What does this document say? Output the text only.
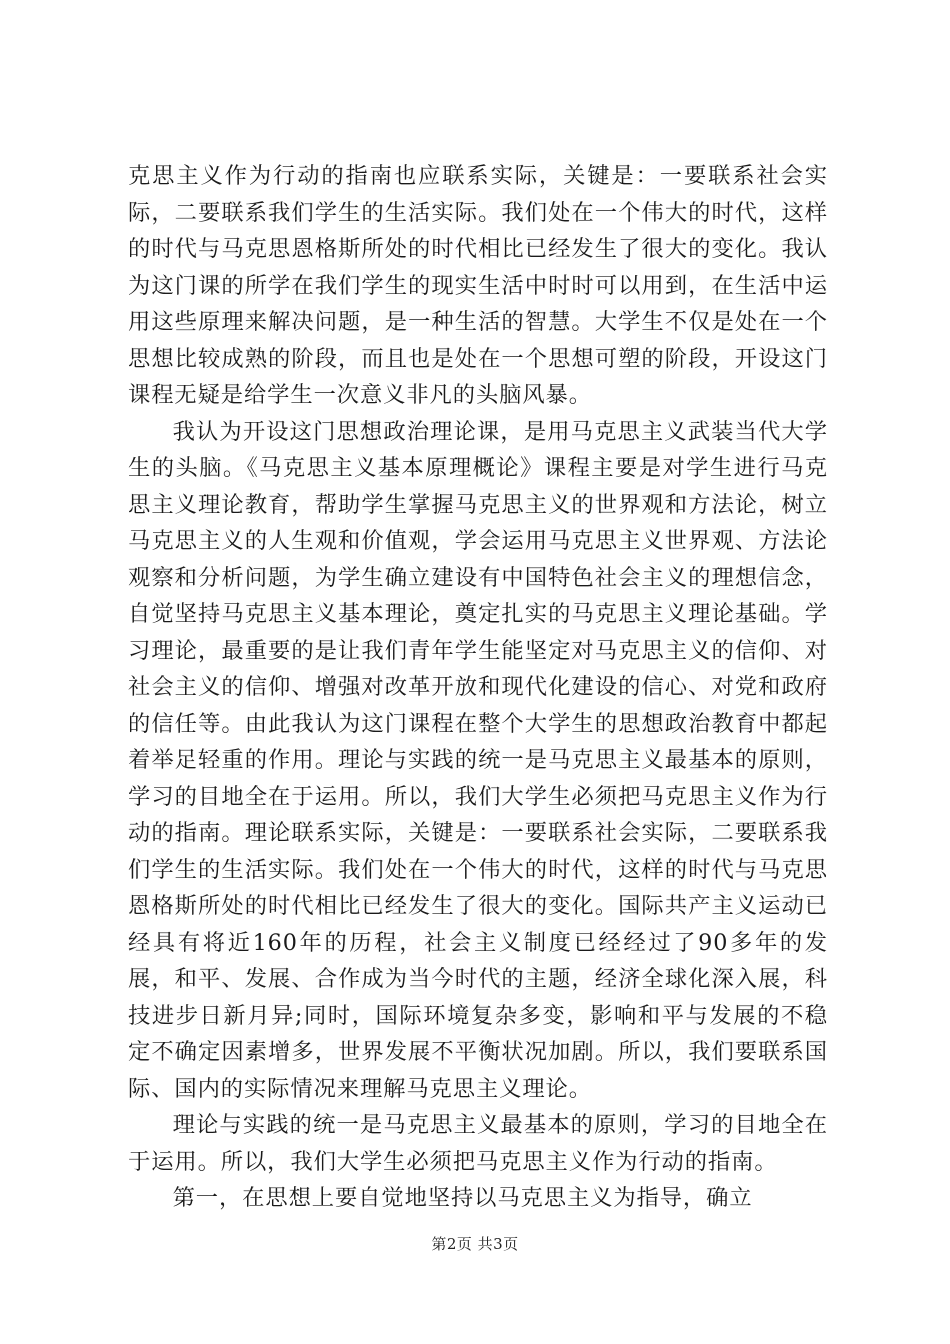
克思主义作为行动的指南也应联系实际，关键是：一要联系社会实际，二要联系我们学生的生活实际。我们处在一个伟大的时代，这样的时代与马克思恩格斯所处的时代相比已经发生了很大的变化。我认为这门课的所学在我们学生的现实生活中时时可以用到，在生活中运用这些原理来解决问题，是一种生活的智慧。大学生不仅是处在一个思想比较成熟的阶段，而且也是处在一个思想可塑的阶段，开设这门课程无疑是给学生一次意义非凡的头脑风暴。

我认为开设这门思想政治理论课，是用马克思主义武装当代大学生的头脑。《马克思主义基本原理概论》课程主要是对学生进行马克思主义理论教育，帮助学生掌握马克思主义的世界观和方法论，树立马克思主义的人生观和价值观，学会运用马克思主义世界观、方法论观察和分析问题，为学生确立建设有中国特色社会主义的理想信念，自觉坚持马克思主义基本理论，奠定扎实的马克思主义理论基础。学习理论，最重要的是让我们青年学生能坚定对马克思主义的信仰、对社会主义的信仰、增强对改革开放和现代化建设的信心、对党和政府的信任等。由此我认为这门课程在整个大学生的思想政治教育中都起着举足轻重的作用。理论与实践的统一是马克思主义最基本的原则，学习的目地全在于运用。所以，我们大学生必须把马克思主义作为行动的指南。理论联系实际，关键是：一要联系社会实际，二要联系我们学生的生活实际。我们处在一个伟大的时代，这样的时代与马克思恩格斯所处的时代相比已经发生了很大的变化。国际共产主义运动已经具有将近160年的历程，社会主义制度已经经过了90多年的发展，和平、发展、合作成为当今时代的主题，经济全球化深入展，科技进步日新月异;同时，国际环境复杂多变，影响和平与发展的不稳定不确定因素增多，世界发展不平衡状况加剧。所以，我们要联系国际、国内的实际情况来理解马克思主义理论。

理论与实践的统一是马克思主义最基本的原则，学习的目地全在于运用。所以，我们大学生必须把马克思主义作为行动的指南。

第一，在思想上要自觉地坚持以马克思主义为指导，确立

第2页 共3页
